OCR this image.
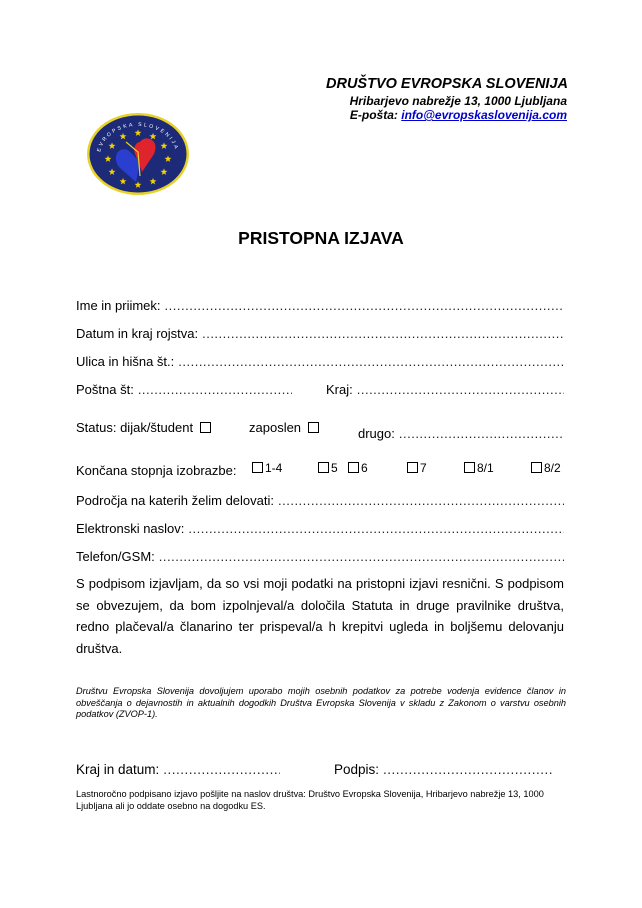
DRUŠTVO EVROPSKA SLOVENIJA
Hribarjevo nabrežje 13, 1000 Ljubljana
E-pošta: info@evropskaslovenija.com
EVROPSKA SLOVENIJA
PRISTOPNA IZJAVA
Ime in priimek:
.....
Datum in kraj rojstva:
.....
Ulica in hišna št.:
.....
Poštna št: .....	Kraj:
.....
Status: dijak/študent	zaposlen	drugo:
.....
Končana stopnja izobrazbe:	1-4	5	6	7	8/1	8/2
Področja na katerih želim delovati:
.....
Elektronski naslov:
.....
Telefon/GSM:
.....
S podpisom izjavljam, da so vsi moji podatki na pristopni izjavi resnični. S podpisom se obvezujem, da bom izpolnjeval/a določila Statuta in druge pravilnike društva, redno plačeval/a članarino ter prispeval/a h krepitvi ugleda in boljšemu delovanju društva.
Društvu Evropska Slovenija dovoljujem uporabo mojih osebnih podatkov za potrebe vodenja evidence članov in obveščanja o dejavnostih in aktualnih dogodkih Društva Evropska Slovenija v skladu z Zakonom o varstvu osebnih podatkov (ZVOP-1).
Kraj in datum: .....	Podpis:
.....
Lastnoročno podpisano izjavo pošljite na naslov društva: Društvo Evropska Slovenija, Hribarjevo nabrežje 13, 1000 Ljubljana ali jo oddate osebno na dogodku ES.
